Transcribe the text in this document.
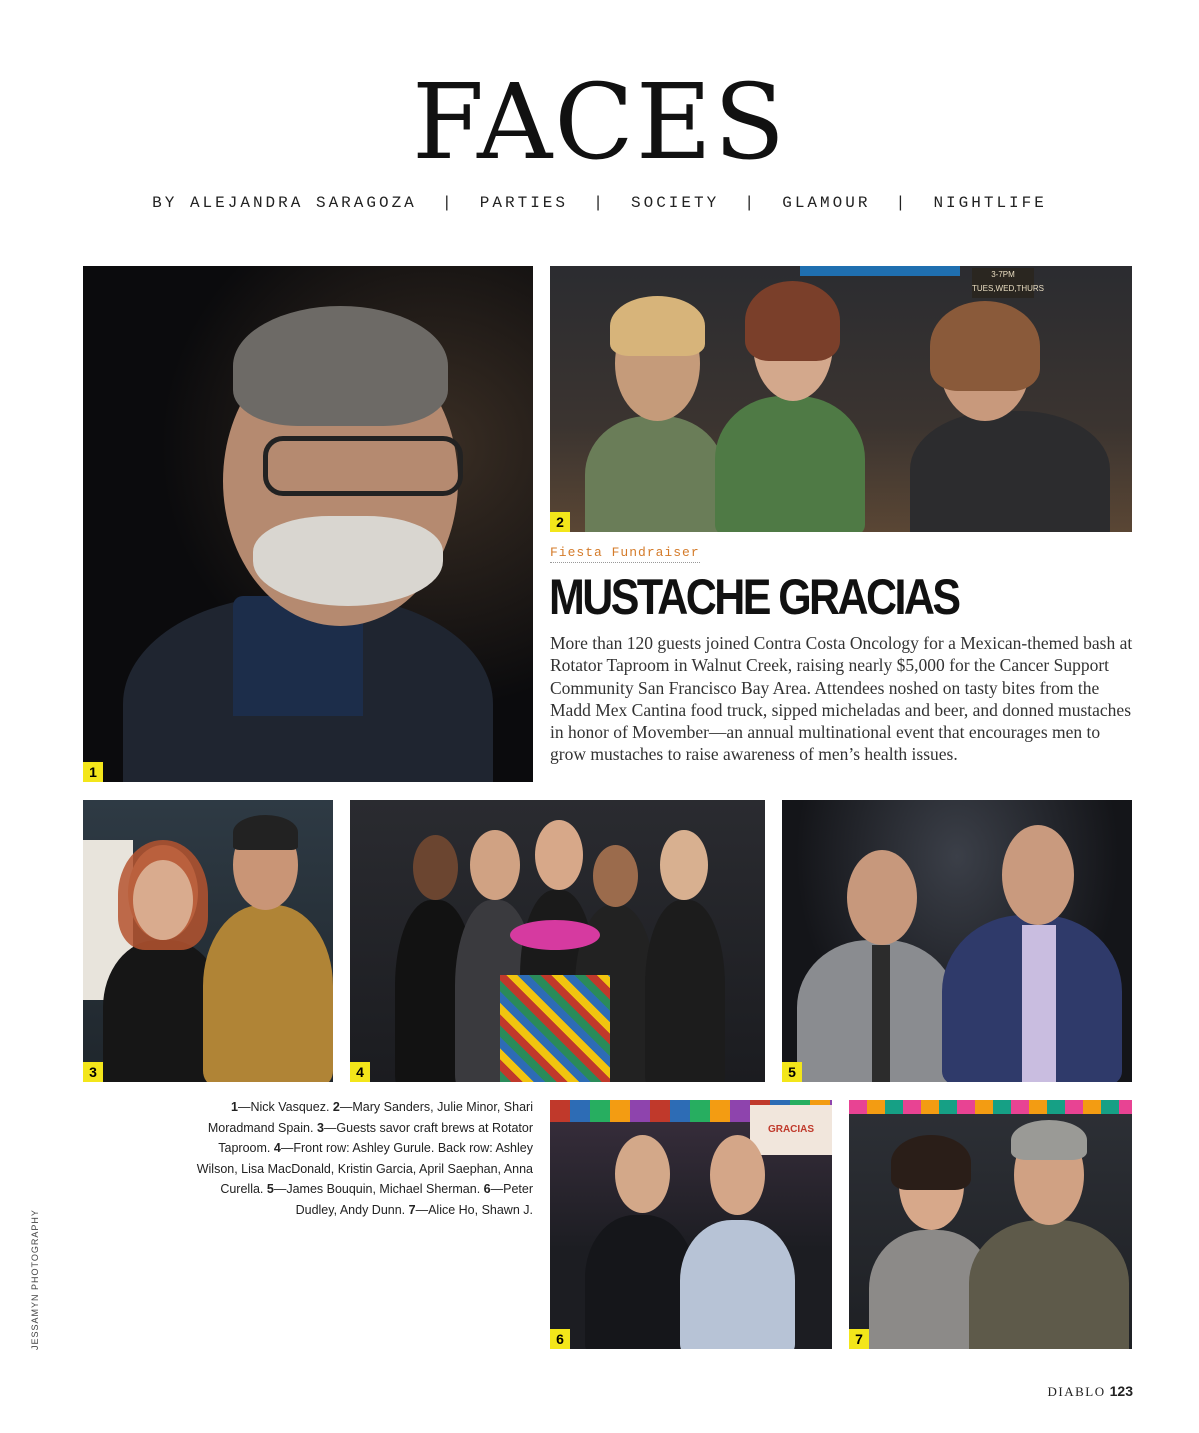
FACES
BY ALEJANDRA SARAGOZA  |  PARTIES  |  SOCIETY  |  GLAMOUR  |  NIGHTLIFE
1
3-7PM TUES,WED,THURS
2
Fiesta Fundraiser
MUSTACHE GRACIAS
More than 120 guests joined Contra Costa Oncology for a Mexican-themed bash at Rotator Taproom in Walnut Creek, raising nearly $5,000 for the Cancer Support Community San Francisco Bay Area. Attendees noshed on tasty bites from the Madd Mex Cantina food truck, sipped micheladas and beer, and donned mustaches in honor of Movember—an annual multinational event that encourages men to grow mustaches to raise awareness of men’s health issues.
3	4	5
1—Nick Vasquez. 2—Mary Sanders, Julie Minor, Shari Moradmand Spain. 3—Guests savor craft brews at Rotator Taproom. 4—Front row: Ashley Gurule. Back row: Ashley Wilson, Lisa MacDonald, Kristin Garcia, April Saephan, Anna Curella. 5—James Bouquin, Michael Sherman. 6—Peter Dudley, Andy Dunn. 7—Alice Ho, Shawn J.
GRACIAS
6	7
JESSAMYN PHOTOGRAPHY
DIABLO 123
